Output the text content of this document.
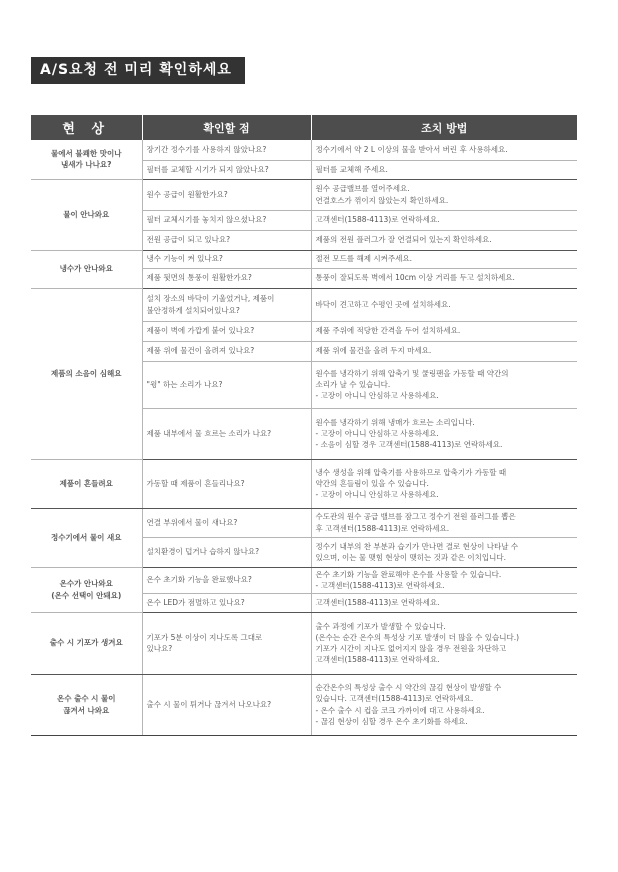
A/S요청 전 미리 확인하세요
현 상	확인할 점	조치 방법

물에서 불쾌한 맛이나
냄새가 나나요?	장기간 정수기를 사용하지 않았나요?	정수기에서 약 2 L 이상의 물을 받아서 버린 후 사용하세요.

	필터를 교체할 시기가 되지 않았나요?	필터를 교체해 주세요.

물이 안나와요	원수 공급이 원활한가요?	원수 공급밸브를 열어주세요.
연결호스가 꺾이지 않았는지 확인하세요.

	필터 교체시기를 놓치지 않으셨나요?	고객센터(1588-4113)로 연락하세요.

	전원 공급이 되고 있나요?	제품의 전원 플러그가 잘 연결되어 있는지 확인하세요.

냉수가 안나와요	냉수 기능이 켜 있나요?	절전 모드를 해제 시켜주세요.

	제품 뒷면의 통풍이 원활한가요?	통풍이 잘되도록 벽에서 10cm 이상 거리를 두고 설치하세요.

제품의 소음이 심해요	설치 장소의 바닥이 기울었거나, 제품이
불안정하게 설치되어있나요?	바닥이 견고하고 수평인 곳에 설치하세요.

	제품이 벽에 가깝게 붙어 있나요?	제품 주위에 적당한 간격을 두어 설치하세요.

	제품 위에 물건이 올려져 있나요?	제품 위에 물건을 올려 두지 마세요.

	"윙" 하는 소리가 나요?	원수를 냉각하기 위해 압축기 및 쿨링팬을 가동할 때 약간의
소리가 날 수 있습니다.
- 고장이 아니니 안심하고 사용하세요.

	제품 내부에서 물 흐르는 소리가 나요?	원수를 냉각하기 위해 냉매가 흐르는 소리입니다.
- 고장이 아니니 안심하고 사용하세요.
- 소음이 심할 경우 고객센터(1588-4113)로 연락하세요.

제품이 흔들려요	가동할 때 제품이 흔들리나요?	냉수 생성을 위해 압축기를 사용하므로 압축기가 가동할 때
약간의 흔들림이 있을 수 있습니다.
- 고장이 아니니 안심하고 사용하세요.

정수기에서 물이 새요	연결 부위에서 물이 새나요?	수도관의 원수 공급 밸브를 잠그고 정수기 전원 플러그를 뽑은
후 고객센터(1588-4113)로 연락하세요.

	설치환경이 덥거나 습하지 않나요?	정수기 내부의 찬 부분과 습기가 만나면 결로 현상이 나타날 수
있으며, 이는 물 맺힘 현상이 맺히는 것과 같은 이치입니다.

온수가 안나와요
(온수 선택이 안돼요)	온수 초기화 기능을 완료했나요?	온수 초기화 기능을 완료해야 온수를 사용할 수 있습니다.
- 고객센터(1588-4113)로 연락하세요.

	온수 LED가 점멸하고 있나요?	고객센터(1588-4113)로 연락하세요.

출수 시 기포가 생겨요	기포가 5분 이상이 지나도록 그대로
있나요?	출수 과정에 기포가 발생할 수 있습니다.
(온수는 순간 온수의 특성상 기포 발생이 더 많을 수 있습니다.)
기포가 시간이 지나도 없어지지 않을 경우 전원을 차단하고
고객센터(1588-4113)로 연락하세요.

온수 출수 시 물이
끊겨서 나와요	출수 시 물이 튀거나 끊겨서 나오나요?	순간온수의 특성상 출수 시 약간의 끊김 현상이 발생할 수
있습니다. 고객센터(1588-4113)로 연락하세요.
- 온수 출수 시 컵을 코크 가까이에 대고 사용하세요.
- 끊김 현상이 심할 경우 온수 초기화를 하세요.
